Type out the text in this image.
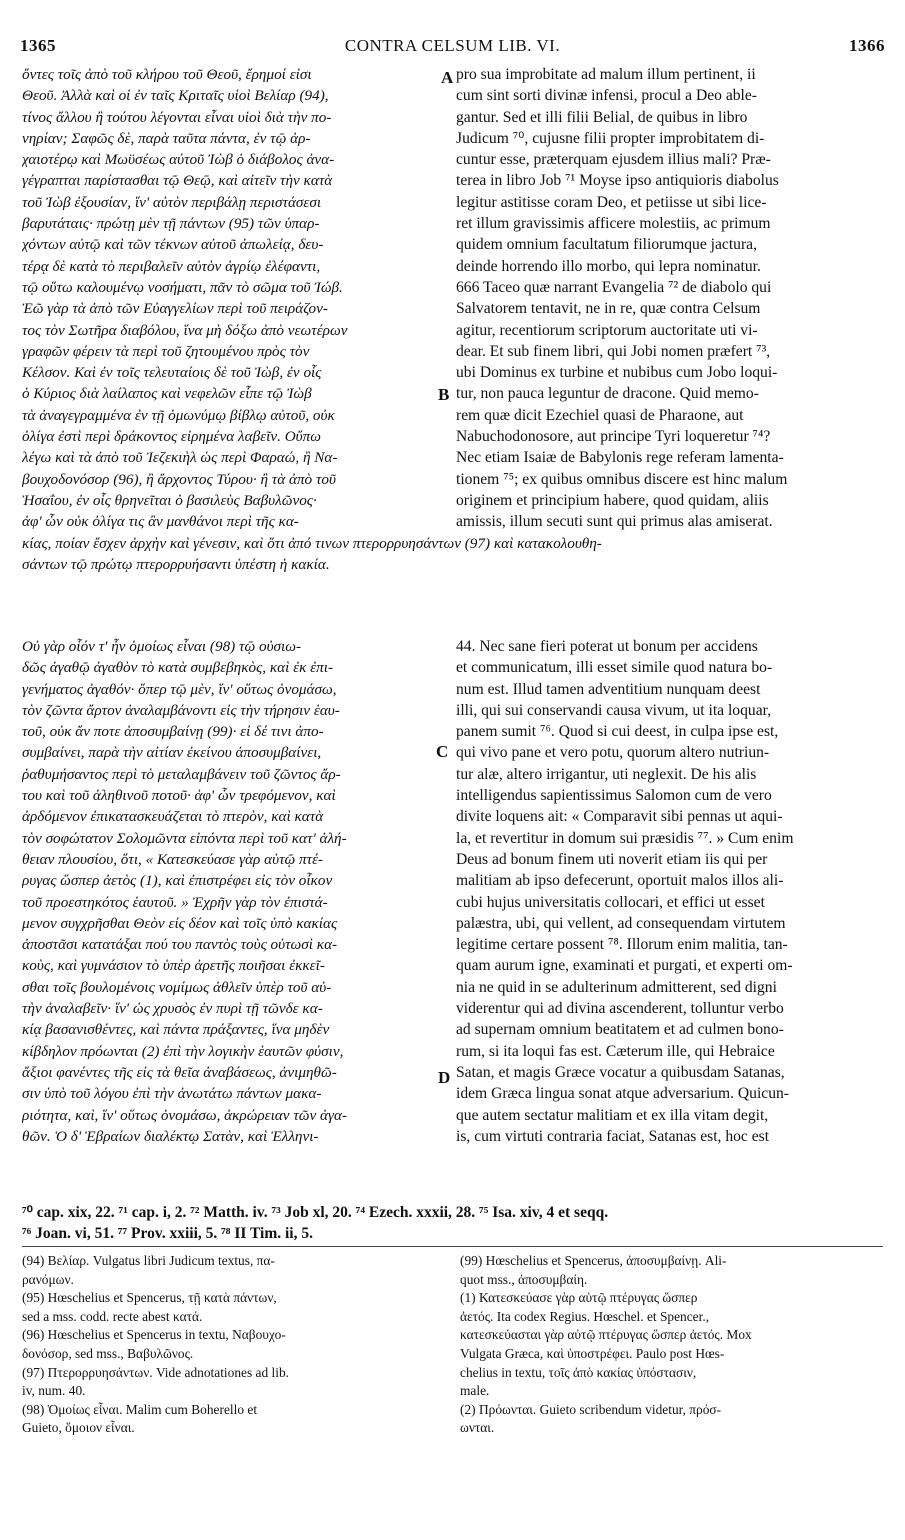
1365	CONTRA CELSUM LIB. VI.	1366
ὄντες τοῖς ἀπὸ τοῦ κλήρου τοῦ Θεοῦ, ἔρημοί εἰσι
Θεοῦ. Ἀλλὰ καὶ οἱ ἐν ταῖς Κριταῖς υἱοὶ Βελίαρ (94),
τίνος ἄλλου ἢ τούτου λέγονται εἶναι υἱοὶ διὰ τὴν πο-
νηρίαν; Σαφῶς δὲ, παρὰ ταῦτα πάντα, ἐν τῷ ἀρ-
χαιοτέρῳ καὶ Μωϋσέως αὐτοῦ Ἰὼβ ὁ διάβολος ἀνα-
γέγραπται παρίστασθαι τῷ Θεῷ, καὶ αἰτεῖν τὴν κατὰ
τοῦ Ἰὼβ ἐξουσίαν, ἵν' αὐτὸν περιβάλῃ περιστάσεσι
βαρυτάταις· πρώτῃ μὲν τῇ πάντων (95) τῶν ὑπαρ-
χόντων αὐτῷ καὶ τῶν τέκνων αὐτοῦ ἀπωλείᾳ, δευ-
τέρᾳ δὲ κατὰ τὸ περιβαλεῖν αὐτὸν ἀγρίῳ ἐλέφαντι,
τῷ οὕτω καλουμένῳ νοσήματι, πᾶν τὸ σῶμα τοῦ Ἰώβ.
Ἐῶ γὰρ τὰ ἀπὸ τῶν Εὐαγγελίων περὶ τοῦ πειράζον-
τος τὸν Σωτῆρα διαβόλου, ἵνα μὴ δόξω ἀπὸ νεωτέρων
γραφῶν φέρειν τὰ περὶ τοῦ ζητουμένου πρὸς τὸν
Κέλσον. Καὶ ἐν τοῖς τελευταίοις δὲ τοῦ Ἰὼβ, ἐν οἷς
ὁ Κύριος διὰ λαίλαπος καὶ νεφελῶν εἶπε τῷ Ἰὼβ
τὰ ἀναγεγραμμένα ἐν τῇ ὁμωνύμῳ βίβλῳ αὐτοῦ, οὐκ
ὀλίγα ἐστὶ περὶ δράκοντος εἰρημένα λαβεῖν. Οὔπω
λέγω καὶ τὰ ἀπὸ τοῦ Ἰεζεκιὴλ ὡς περὶ Φαραώ, ἢ Να-
βουχοδονόσορ (96), ἢ ἄρχοντος Τύρου· ἢ τὰ ἀπὸ τοῦ
Ἠσαΐου, ἐν οἷς θρηνεῖται ὁ βασιλεὺς Βαβυλῶνος·
ἀφ' ὧν οὐκ ὀλίγα τις ἂν μανθάνοι περὶ τῆς κα-
pro sua improbitate ad malum illum pertinent, ii
cum sint sorti divinæ infensi, procul a Deo able-
gantur. Sed et illi filii Belial, de quibus in libro
Judicum ⁷⁰, cujusne filii propter improbitatem di-
cuntur esse, præterquam ejusdem illius mali? Præ-
terea in libro Job ⁷¹ Moyse ipso antiquioris diabolus
legitur astitisse coram Deo, et petiisse ut sibi lice-
ret illum gravissimis afficere molestiis, ac primum
quidem omnium facultatum filiorumque jactura,
deinde horrendo illo morbo, qui lepra nominatur.
666 Taceo quæ narrant Evangelia ⁷² de diabolo qui
Salvatorem tentavit, ne in re, quæ contra Celsum
agitur, recentiorum scriptorum auctoritate uti vi-
dear. Et sub finem libri, qui Jobi nomen præfert ⁷³,
ubi Dominus ex turbine et nubibus cum Jobo loqui-
tur, non pauca leguntur de dracone. Quid memo-
rem quæ dicit Ezechiel quasi de Pharaone, aut
Nabuchodonosore, aut principe Tyri loqueretur ⁷⁴?
Nec etiam Isaiæ de Babylonis rege referam lamenta-
tionem ⁷⁵; ex quibus omnibus discere est hinc malum
originem et principium habere, quod quidam, aliis
amissis, illum secuti sunt qui primus alas amiserat.
A
B
κίας, ποίαν ἔσχεν ἀρχὴν καὶ γένεσιν, καὶ ὅτι ἀπό τινων πτερορρυησάντων (97) καὶ κατακολουθη-
σάντων τῷ πρώτῳ πτερορρυήσαντι ὑπέστη ἡ κακία.
Οὐ γὰρ οἷόν τ' ἦν ὁμοίως εἶναι (98) τῷ οὐσιω-
δῶς ἀγαθῷ ἀγαθὸν τὸ κατὰ συμβεβηκὸς, καὶ ἐκ ἐπι-
γενήματος ἀγαθόν· ὅπερ τῷ μὲν, ἵν' οὕτως ὀνομάσω,
τὸν ζῶντα ἄρτον ἀναλαμβάνοντι εἰς τὴν τήρησιν ἑαυ-
τοῦ, οὐκ ἄν ποτε ἀποσυμβαίνῃ (99)· εἰ δέ τινι ἀπο-
συμβαίνει, παρὰ τὴν αἰτίαν ἐκείνου ἀποσυμβαίνει,
ῥαθυμήσαντος περὶ τὸ μεταλαμβάνειν τοῦ ζῶντος ἄρ-
του καὶ τοῦ ἀληθινοῦ ποτοῦ· ἀφ' ὧν τρεφόμενον, καὶ
ἀρδόμενον ἐπικατασκευάζεται τὸ πτερὸν, καὶ κατὰ
τὸν σοφώτατον Σολομῶντα εἰπόντα περὶ τοῦ κατ' ἀλή-
θειαν πλουσίου, ὅτι, « Κατεσκεύασε γὰρ αὑτῷ πτέ-
ρυγας ὥσπερ ἀετὸς (1), καὶ ἐπιστρέφει εἰς τὸν οἶκον
τοῦ προεστηκότος ἑαυτοῦ. » Ἐχρῆν γὰρ τὸν ἐπιστά-
μενον συγχρῆσθαι Θεὸν εἰς δέον καὶ τοῖς ὑπὸ κακίας
ἀποστᾶσι κατατάξαι πού του παντὸς τοὺς οὑτωσὶ κα-
κοὺς, καὶ γυμνάσιον τὸ ὑπὲρ ἀρετῆς ποιῆσαι ἐκκεῖ-
σθαι τοῖς βουλομένοις νομίμως ἀθλεῖν ὑπὲρ τοῦ αὐ-
τὴν ἀναλαβεῖν· ἵν' ὡς χρυσὸς ἐν πυρὶ τῇ τῶνδε κα-
κίᾳ βασανισθέντες, καὶ πάντα πράξαντες, ἵνα μηδὲν
κίβδηλον πρόωνται (2) ἐπὶ τὴν λογικὴν ἑαυτῶν φύσιν,
ἄξιοι φανέντες τῆς εἰς τὰ θεῖα ἀναβάσεως, ἀνιμηθῶ-
σιν ὑπὸ τοῦ λόγου ἐπὶ τὴν ἀνωτάτω πάντων μακα-
ριότητα, καὶ, ἵν' οὕτως ὀνομάσω, ἀκρώρειαν τῶν ἀγα-
θῶν. Ὁ δ' Ἑβραίων διαλέκτῳ Σατὰν, καὶ Ἑλληνι-
44. Nec sane fieri poterat ut bonum per accidens
et communicatum, illi esset simile quod natura bo-
num est. Illud tamen adventitium nunquam deest
illi, qui sui conservandi causa vivum, ut ita loquar,
panem sumit ⁷⁶. Quod si cui deest, in culpa ipse est,
qui vivo pane et vero potu, quorum altero nutriun-
tur alæ, altero irrigantur, uti neglexit. De his alis
intelligendus sapientissimus Salomon cum de vero
divite loquens ait: « Comparavit sibi pennas ut aqui-
la, et revertitur in domum sui præsidis ⁷⁷. » Cum enim
Deus ad bonum finem uti noverit etiam iis qui per
malitiam ab ipso defecerunt, oportuit malos illos ali-
cubi hujus universitatis collocari, et effici ut esset
palæstra, ubi, qui vellent, ad consequendam virtutem
legitime certare possent ⁷⁸. Illorum enim malitia, tan-
quam aurum igne, examinati et purgati, et experti om-
nia ne quid in se adulterinum admitterent, sed digni
viderentur qui ad divina ascenderent, tolluntur verbo
ad supernam omnium beatitatem et ad culmen bono-
rum, si ita loqui fas est. Cæterum ille, qui Hebraice
Satan, et magis Græce vocatur a quibusdam Satanas,
idem Græca lingua sonat atque adversarium. Quicun-
que autem sectatur malitiam et ex illa vitam degit,
is, cum virtuti contraria faciat, Satanas est, hoc est
C
D
⁷⁰ cap. xix, 22. ⁷¹ cap. i, 2. ⁷² Matth. iv. ⁷³ Job xl, 20. ⁷⁴ Ezech. xxxii, 28. ⁷⁵ Isa. xiv, 4 et seqq.
⁷⁶ Joan. vi, 51. ⁷⁷ Prov. xxiii, 5. ⁷⁸ II Tim. ii, 5.
(94) Βελίαρ. Vulgatus libri Judicum textus, πα-
ρανόμων.
(95) Hœschelius et Spencerus, τῇ κατὰ πάντων,
sed a mss. codd. recte abest κατά.
(96) Hœschelius et Spencerus in textu, Ναβουχο-
δονόσορ, sed mss., Βαβυλῶνος.
(97) Πτερορρυησάντων. Vide adnotationes ad lib.
iv, num. 40.
(98) Ὁμοίως εἶναι. Malim cum Boherello et
Guieto, ὅμοιον εἶναι.
(99) Hœschelius et Spencerus, ἀποσυμβαίνῃ. Ali-
quot mss., ἀποσυμβαίη.
(1) Κατεσκεύασε γὰρ αὑτῷ πτέρυγας ὥσπερ
ἀετός. Ita codex Regius. Hœschel. et Spencer.,
κατεσκεύασται γὰρ αὐτῷ πτέρυγας ὥσπερ ἀετός. Mox
Vulgata Græca, καὶ ὑποστρέφει. Paulo post Hœs-
chelius in textu, τοῖς ἀπὸ κακίας ὑπόστασιν,
male.
(2) Πρόωνται. Guieto scribendum videtur, πρόσ-
ωνται.
